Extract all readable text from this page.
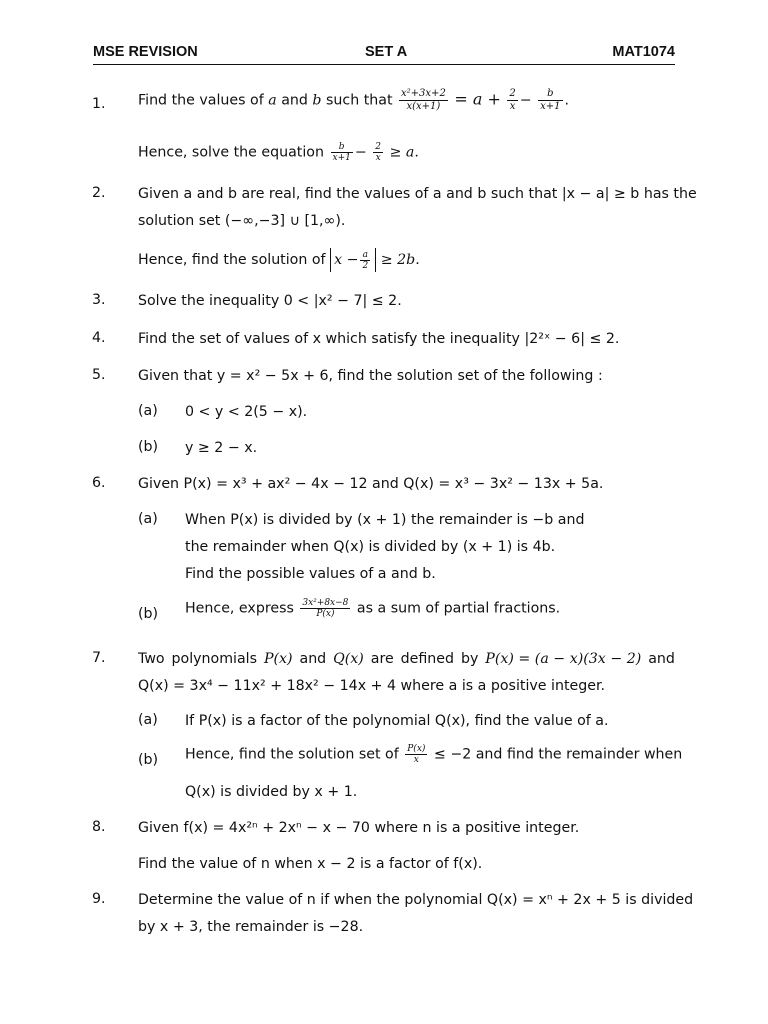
MSE REVISION	SET A	MAT1074
1. Find the values of a and b such that $\frac{\text{x²+3x+2}}{x(x+1)} = a + \frac{2}{x} - \frac{b}{x+1}$ .
Hence, solve the equation $\frac{b}{x+1} - \frac{2}{x} \ge a$.
2. Given a and b are real, find the values of a and b such that |x − a| ≥ b has the
solution set (−∞,−3] ∪ [1,∞).
Hence, find the solution of $x - \frac{a}{2} \ge 2b$.
3. Solve the inequality 0 < |x² − 7| ≤ 2.
4. Find the set of values of x which satisfy the inequality |2²ˣ − 6| ≤ 2.
5. Given that y = x² − 5x + 6, find the solution set of the following :
(a) 0 < y < 2(5 − x).
(b) y ≥ 2 − x.
6. Given P(x) = x³ + ax² − 4x − 12 and Q(x) = x³ − 3x² − 13x + 5a.
(a) When P(x) is divided by (x + 1) the remainder is −b and
the remainder when Q(x) is divided by (x + 1) is 4b.
Find the possible values of a and b.
(b) Hence, express $\frac{\text{3x²+8x−8}}{P(x)}$ as a sum of partial fractions.
7. Two polynomials P(x) and Q(x) are defined by P(x) = (a − x)(3x − 2) and
Q(x) = 3x⁴ − 11x² + 18x² − 14x + 4 where a is a positive integer.
(a) If P(x) is a factor of the polynomial Q(x), find the value of a.
(b) Hence, find the solution set of $\frac{P(x)}{x} \le -2$ and find the remainder when
Q(x) is divided by x + 1.
8. Given f(x) = 4x²ⁿ + 2xⁿ − x − 70 where n is a positive integer.
Find the value of n when x − 2 is a factor of f(x).
9. Determine the value of n if when the polynomial Q(x) = xⁿ + 2x + 5 is divided
by x + 3, the remainder is −28.
